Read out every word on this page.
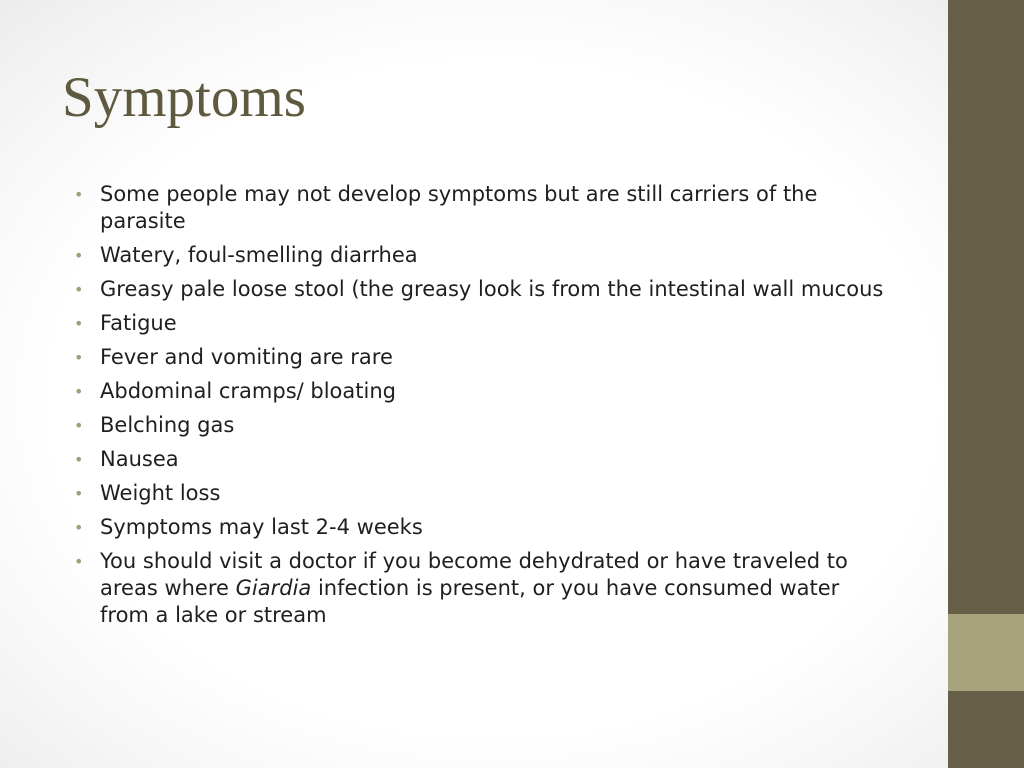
Symptoms
• Some people may not develop symptoms but are still carriers of the parasite
• Watery, foul-smelling diarrhea
• Greasy pale loose stool (the greasy look is from the intestinal wall mucous
• Fatigue
• Fever and vomiting are rare
• Abdominal cramps/ bloating
• Belching gas
• Nausea
• Weight loss
• Symptoms may last 2-4 weeks
• You should visit a doctor if you become dehydrated or have traveled to areas where Giardia infection is present, or you have consumed water from a lake or stream
